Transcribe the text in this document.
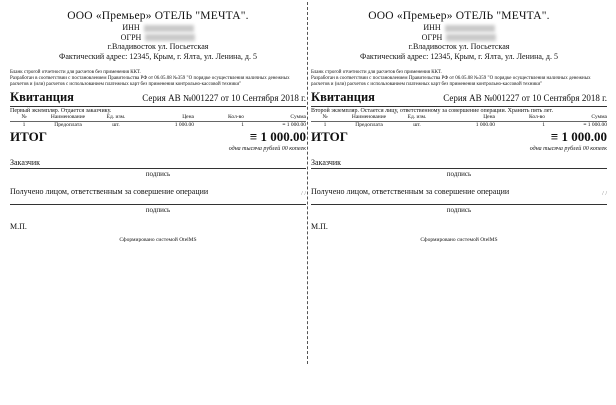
ООО «Премьер» ОТЕЛЬ "МЕЧТА".
ИНН
ОГРН
г.Владивосток ул. Посьетская
Фактический адрес: 12345, Крым, г. Ялта, ул. Ленина, д. 5
Бланк строгой отчетности для расчетов без применения ККТ.
Разработан в соответствии с постановлением Правительства РФ от 06.05.08 №359 "О порядке осуществления наличных денежных расчетов и (или) расчетов с использованием платежных карт без применения контрольно-кассовой техники"
Квитанция	Серия АВ №001227 от 10 Сентября 2018 г.
Первый экземпляр. Отдается заказчику.
№	Наименование	Ед. изм.	Цена	Кол-во	Сумма
1	Предоплата	шт.	1 000.00	1	≡ 1 000.00
ИТОГ	≡ 1 000.00
одна тысяча рублей 00 копеек
Заказчик
подпись
Получено лицом, ответственным за совершение операции	/ /
подпись
М.П.
Сформировано системой OtelMS
ООО «Премьер» ОТЕЛЬ "МЕЧТА".
ИНН
ОГРН
г.Владивосток ул. Посьетская
Фактический адрес: 12345, Крым, г. Ялта, ул. Ленина, д. 5
Бланк строгой отчетности для расчетов без применения ККТ.
Разработан в соответствии с постановлением Правительства РФ от 06.05.08 №359 "О порядке осуществления наличных денежных расчетов и (или) расчетов с использованием платежных карт без применения контрольно-кассовой техники"
Квитанция	Серия АВ №001227 от 10 Сентября 2018 г.
Второй экземпляр. Остается лицу, ответственному за совершение операции. Хранить пять лет.
№	Наименование	Ед. изм.	Цена	Кол-во	Сумма
1	Предоплата	шт.	1 000.00	1	≡ 1 000.00
ИТОГ	≡ 1 000.00
одна тысяча рублей 00 копеек
Заказчик
подпись
Получено лицом, ответственным за совершение операции	/ /
подпись
М.П.
Сформировано системой OtelMS
